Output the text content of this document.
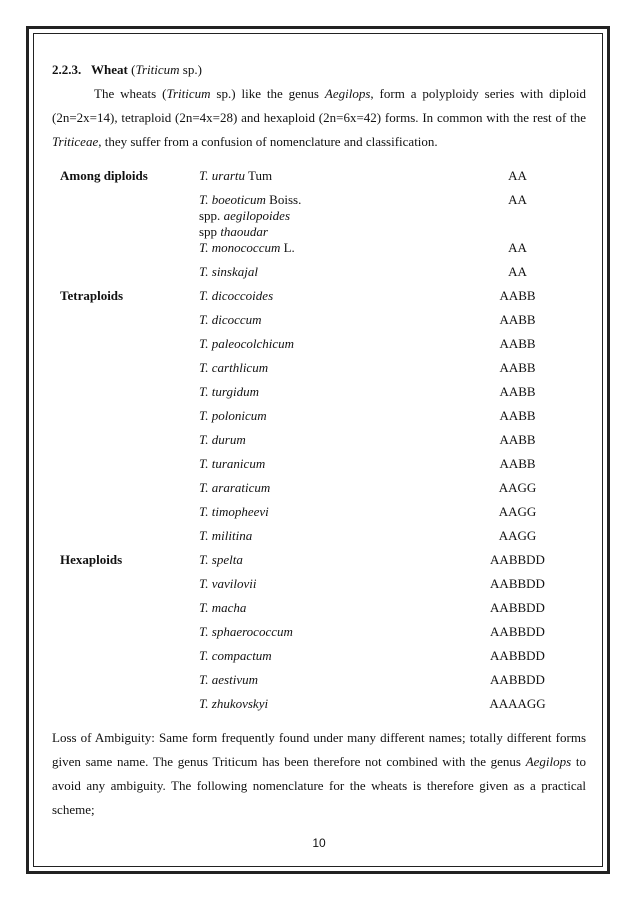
2.2.3. Wheat (Triticum sp.)

The wheats (Triticum sp.) like the genus Aegilops, form a polyploidy series with diploid (2n=2x=14), tetraploid (2n=4x=28) and hexaploid (2n=6x=42) forms. In common with the rest of the Triticeae, they suffer from a confusion of nomenclature and classification.

Among diploids	T. urartu Tum	AA
	T. boeoticum Boiss.
spp. aegilopoides
spp thaoudar	AA
	T. monococcum L.	AA
	T. sinskajal	AA
Tetraploids	T. dicoccoides	AABB
	T. dicoccum	AABB
	T. paleocolchicum	AABB
	T. carthlicum	AABB
	T. turgidum	AABB
	T. polonicum	AABB
	T. durum	AABB
	T. turanicum	AABB
	T. araraticum	AAGG
	T. timopheevi	AAGG
	T. militina	AAGG
Hexaploids	T. spelta	AABBDD
	T. vavilovii	AABBDD
	T. macha	AABBDD
	T. sphaerococcum	AABBDD
	T. compactum	AABBDD
	T. aestivum	AABBDD
	T. zhukovskyi	AAAAGG

Loss of Ambiguity: Same form frequently found under many different names; totally different forms given same name. The genus Triticum has been therefore not combined with the genus Aegilops to avoid any ambiguity. The following nomenclature for the wheats is therefore given as a practical scheme;

10
